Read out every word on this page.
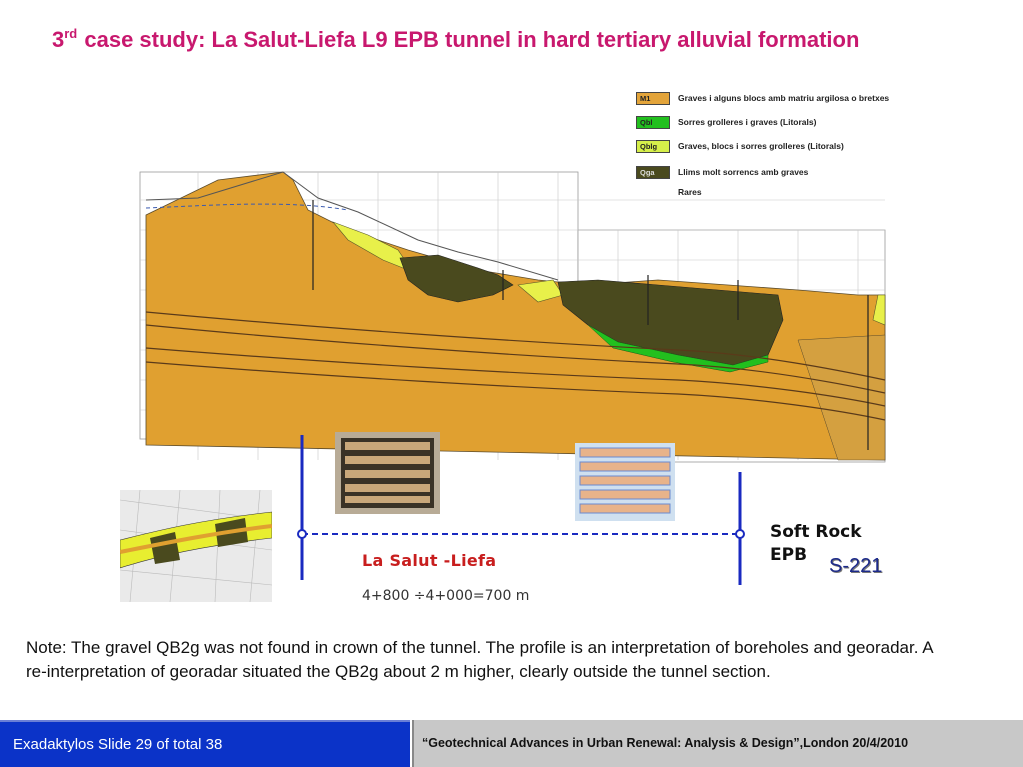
3rd case study: La Salut-Liefa L9 EPB tunnel in hard tertiary alluvial formation
M1	Graves i alguns blocs amb matriu argilosa o bretxes
Qbl	Sorres grolleres i graves (Litorals)
Qblg	Graves, blocs i sorres grolleres (Litorals)
Qga	Llims molt sorrencs amb graves
Rares
La Salut -Liefa
4+800 ÷4+000=700 m
Soft Rock
EPB	S-221
Note: The gravel QB2g was not found in crown of the tunnel. The profile is an interpretation of boreholes and georadar. A re-interpretation of georadar situated the QB2g about 2 m higher, clearly outside the tunnel section.
Exadaktylos Slide 29 of total 38	“Geotechnical Advances in Urban Renewal: Analysis & Design”,London 20/4/2010
